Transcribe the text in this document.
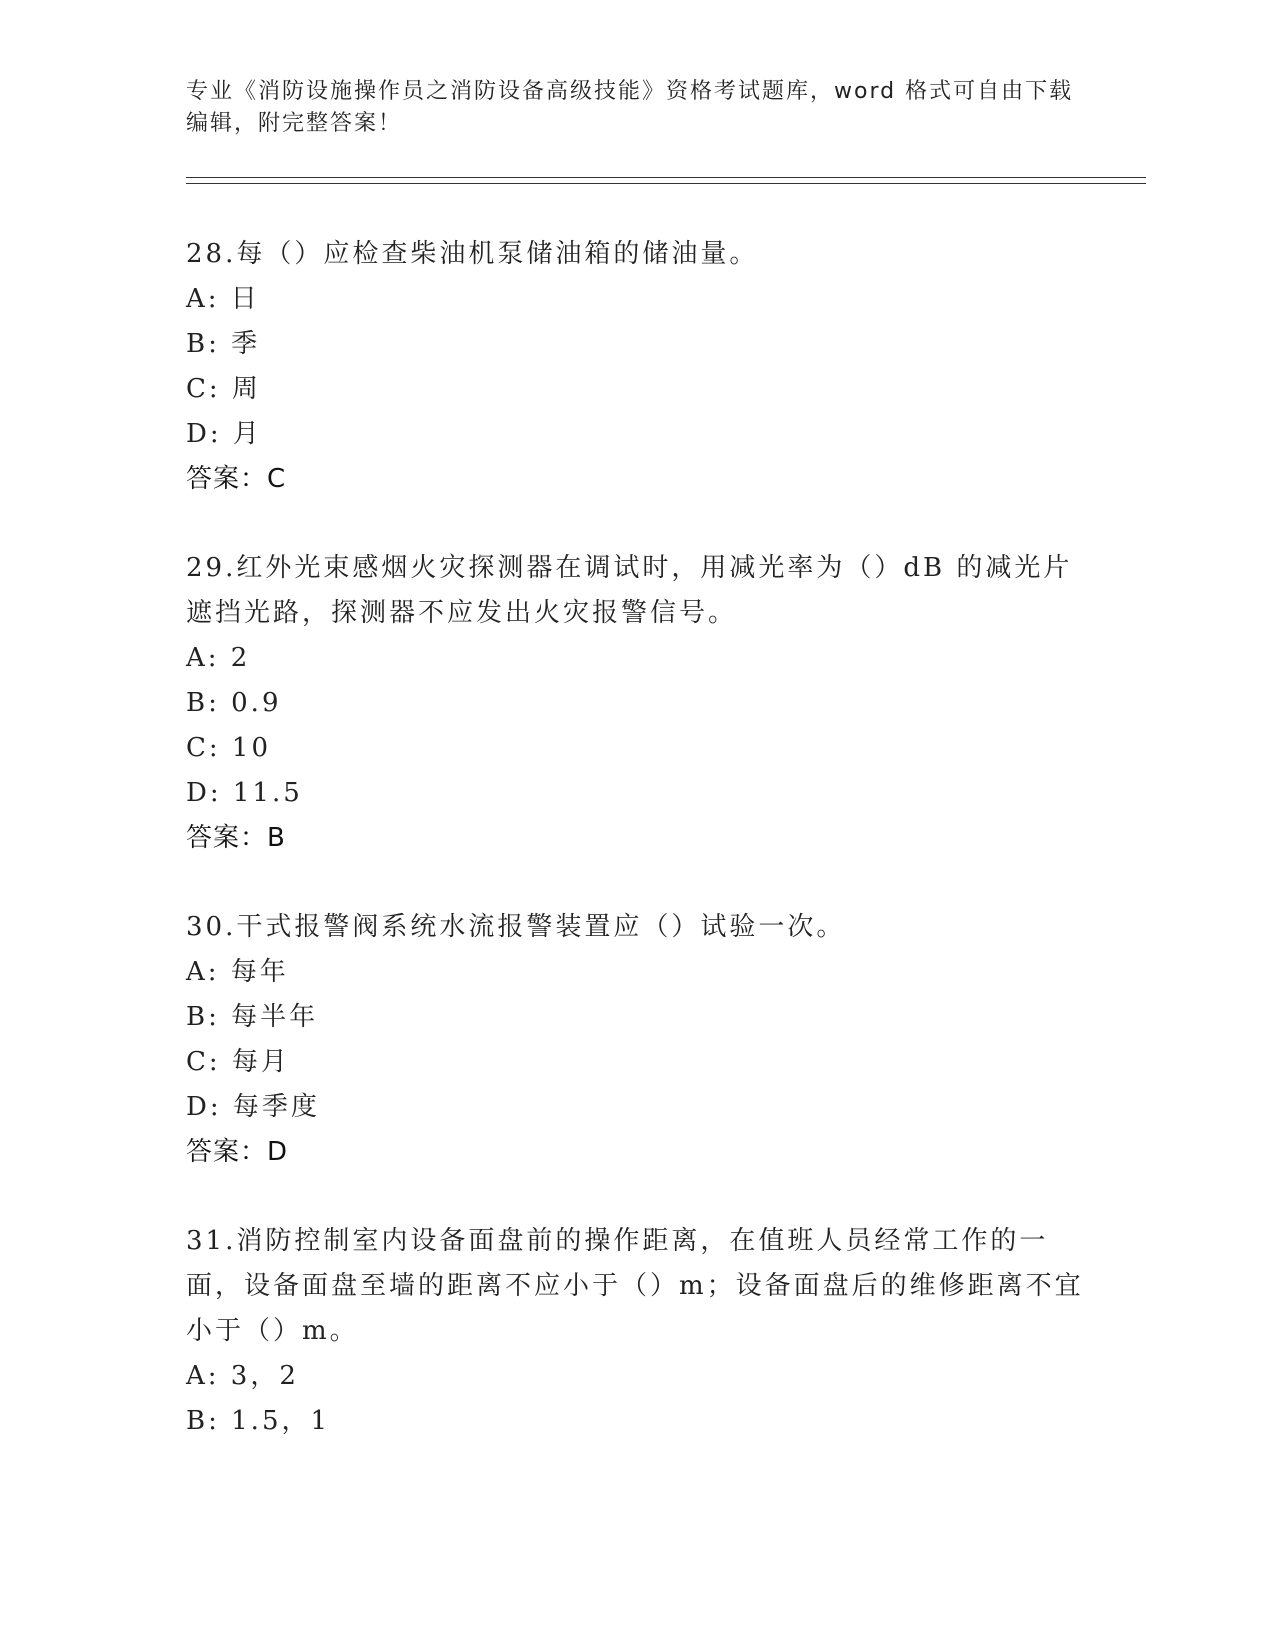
专业《消防设施操作员之消防设备高级技能》资格考试题库，word 格式可自由下载编辑，附完整答案！

28.每（）应检查柴油机泵储油箱的储油量。

A: 日

B: 季

C: 周

D: 月

答案：C

29.红外光束感烟火灾探测器在调试时，用减光率为（）dB 的减光片遮挡光路，探测器不应发出火灾报警信号。

A: 2

B: 0.9

C: 10

D: 11.5

答案：B

30.干式报警阀系统水流报警装置应（）试验一次。

A: 每年

B: 每半年

C: 每月

D: 每季度

答案：D

31.消防控制室内设备面盘前的操作距离，在值班人员经常工作的一面，设备面盘至墙的距离不应小于（）m；设备面盘后的维修距离不宜小于（）m。

A: 3，2

B: 1.5，1
